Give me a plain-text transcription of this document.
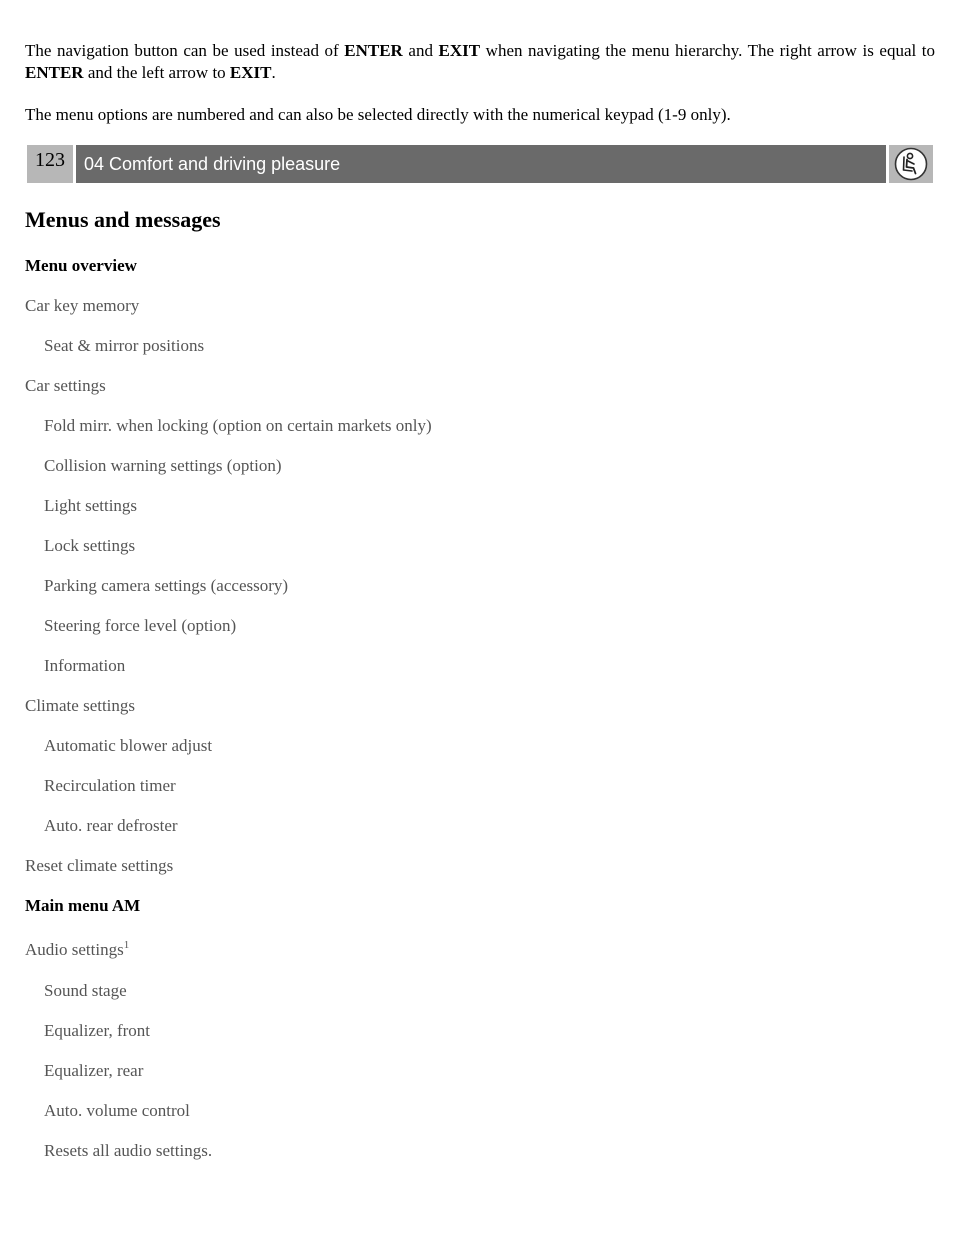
The navigation button can be used instead of ENTER and EXIT when navigating the menu hierarchy. The right arrow is equal to ENTER and the left arrow to EXIT.

The menu options are numbered and can also be selected directly with the numerical keypad (1-9 only).

123	04 Comfort and driving pleasure
Menus and messages
Menu overview
Car key memory
Seat & mirror positions
Car settings
Fold mirr. when locking (option on certain markets only)
Collision warning settings (option)
Light settings
Lock settings
Parking camera settings (accessory)
Steering force level (option)
Information
Climate settings
Automatic blower adjust
Recirculation timer
Auto. rear defroster
Reset climate settings
Main menu AM
Audio settings$^1$
Sound stage
Equalizer, front
Equalizer, rear
Auto. volume control
Resets all audio settings.
